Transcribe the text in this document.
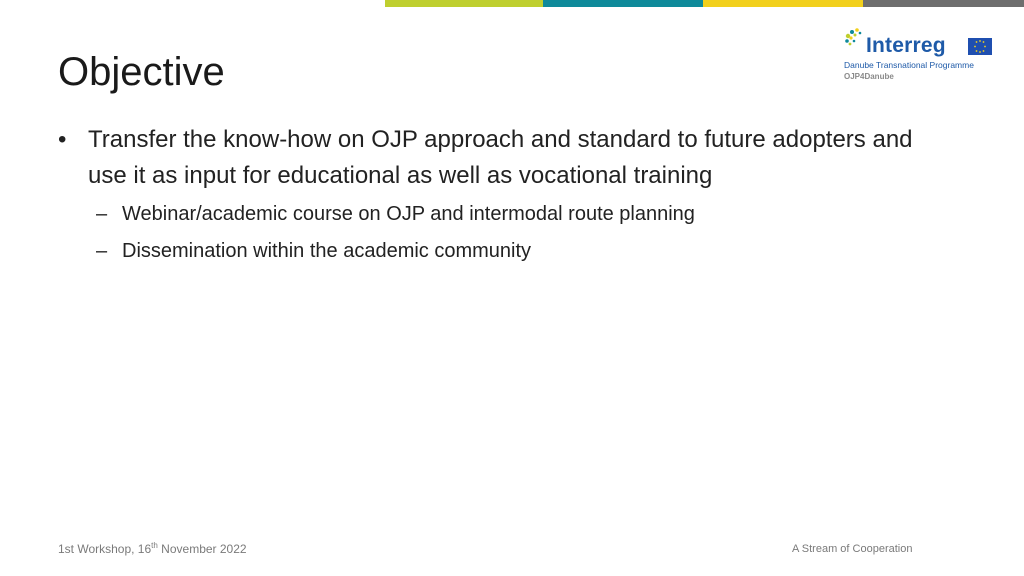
Objective
Interreg
Danube Transnational Programme
OJP4Danube
• Transfer the know-how on OJP approach and standard to future adopters and use it as input for educational as well as vocational training
– Webinar/academic course on OJP and intermodal route planning
– Dissemination within the academic community
1st Workshop, 16th November 2022	A Stream of Cooperation
